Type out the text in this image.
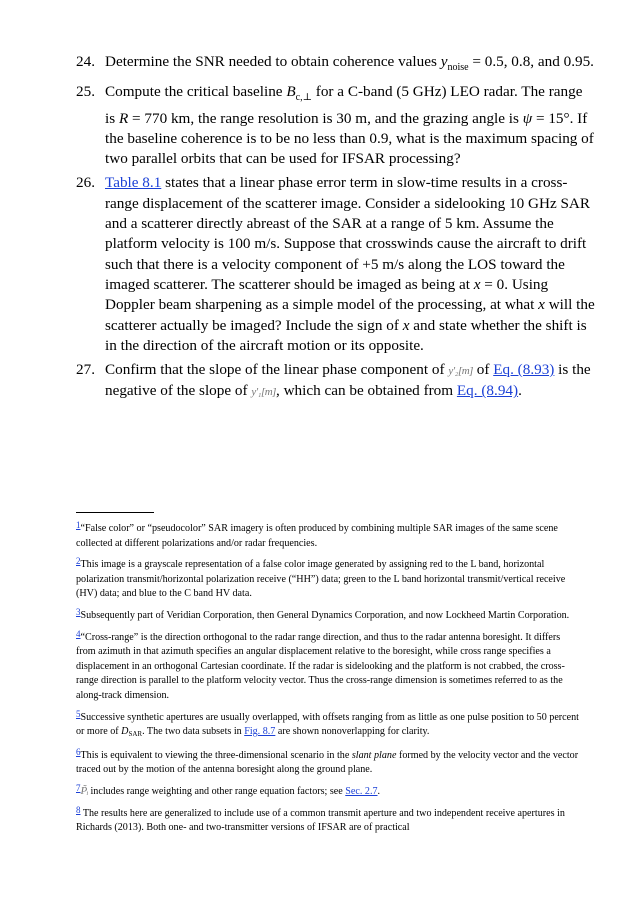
24. Determine the SNR needed to obtain coherence values $y_{noise} = 0.5$, 0.8, and 0.95.
25. Compute the critical baseline $B_{c,\perp}$ for a C-band (5 GHz) LEO radar. The range is R = 770 km, the range resolution is 30 m, and the grazing angle is ψ = 15°. If the baseline coherence is to be no less than 0.9, what is the maximum spacing of two parallel orbits that can be used for IFSAR processing?
26. Table 8.1 states that a linear phase error term in slow-time results in a cross-range displacement of the scatterer image. Consider a sidelooking 10 GHz SAR and a scatterer directly abreast of the SAR at a range of 5 km. Assume the platform velocity is 100 m/s. Suppose that crosswinds cause the aircraft to drift such that there is a velocity component of +5 m/s along the LOS toward the imaged scatterer. The scatterer should be imaged as being at x = 0. Using Doppler beam sharpening as a simple model of the processing, at what x will the scatterer actually be imaged? Include the sign of x and state whether the shift is in the direction of the aircraft motion or its opposite.
27. Confirm that the slope of the linear phase component of y′₂[m] of Eq. (8.93) is the negative of the slope of y′₁[m], which can be obtained from Eq. (8.94).
1“False color” or “pseudocolor” SAR imagery is often produced by combining multiple SAR images of the same scene collected at different polarizations and/or radar frequencies.
2This image is a grayscale representation of a false color image generated by assigning red to the L band, horizontal polarization transmit/horizontal polarization receive (“HH”) data; green to the L band horizontal transmit/vertical receive (HV) data; and blue to the C band HV data.
3Subsequently part of Veridian Corporation, then General Dynamics Corporation, and now Lockheed Martin Corporation.
4“Cross-range” is the direction orthogonal to the radar range direction, and thus to the radar antenna boresight. It differs from azimuth in that azimuth specifies an angular displacement relative to the boresight, while cross range specifies a displacement in an orthogonal Cartesian coordinate. If the radar is sidelooking and the platform is not crabbed, the cross-range direction is parallel to the platform velocity vector. Thus the cross-range dimension is sometimes referred to as the along-track dimension.
5Successive synthetic apertures are usually overlapped, with offsets ranging from as little as one pulse position to 50 percent or more of DSAR. The two data subsets in Fig. 8.7 are shown nonoverlapping for clarity.
6This is equivalent to viewing the three-dimensional scenario in the slant plane formed by the velocity vector and the vector traced out by the motion of the antenna boresight along the ground plane.
7P̃ᵢ includes range weighting and other range equation factors; see Sec. 2.7.
8 The results here are generalized to include use of a common transmit aperture and two independent receive apertures in Richards (2013). Both one- and two-transmitter versions of IFSAR are of practical
